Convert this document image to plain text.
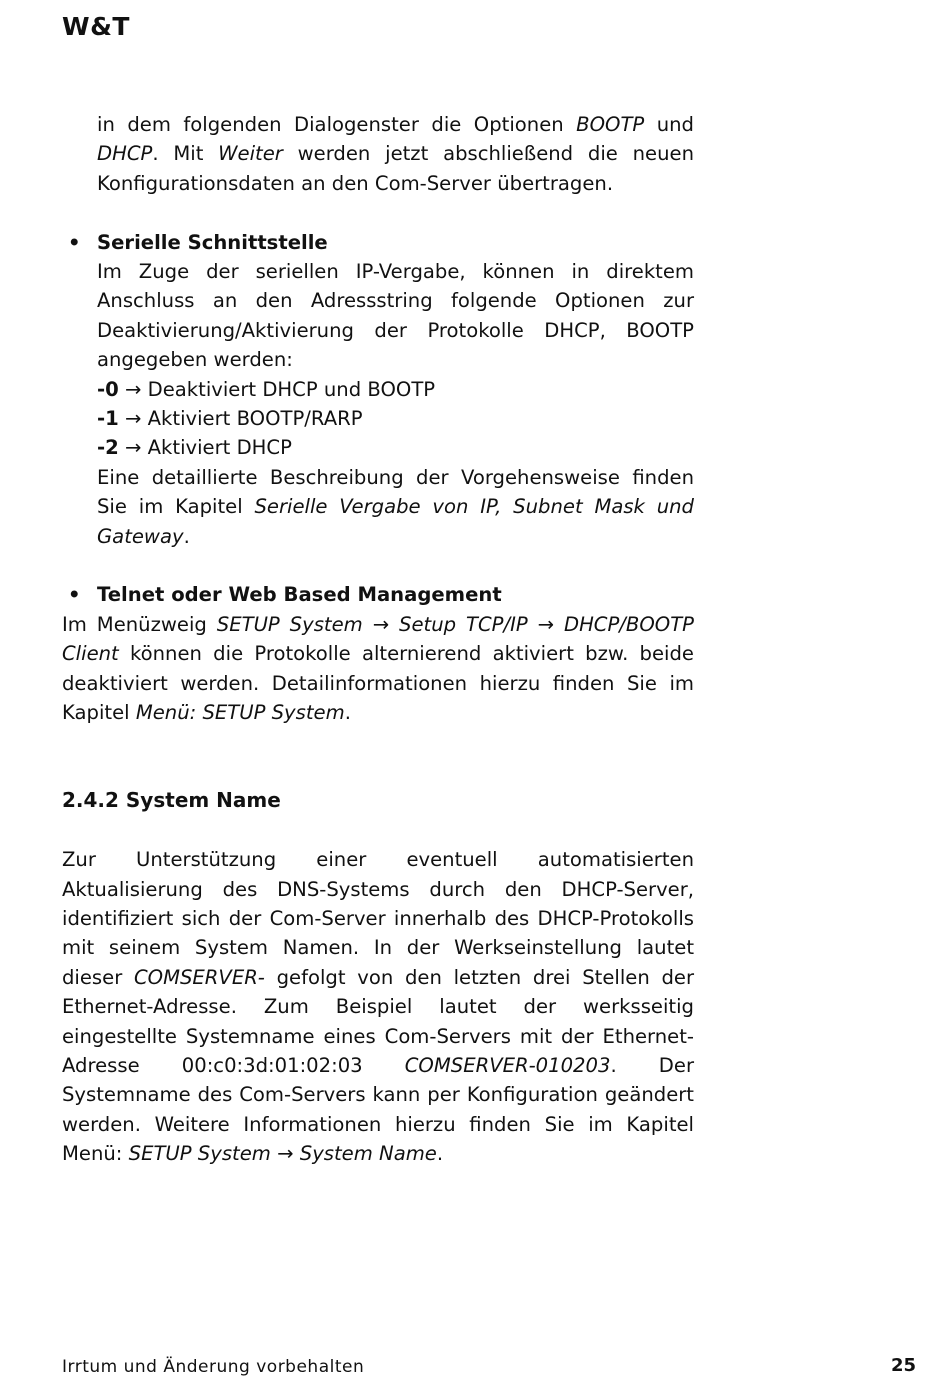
W&T

in dem folgenden Dialogenster die Optionen BOOTP und DHCP. Mit Weiter werden jetzt abschließend die neuen Konfigurationsdaten an den Com-Server übertragen.

• Serielle Schnittstelle

Im Zuge der seriellen IP-Vergabe, können in direktem Anschluss an den Adressstring folgende Optionen zur Deaktivierung/Aktivierung der Protokolle DHCP, BOOTP angegeben werden:

-0 → Deaktiviert DHCP und BOOTP

-1 → Aktiviert BOOTP/RARP

-2 → Aktiviert DHCP

Eine detaillierte Beschreibung der Vorgehensweise finden Sie im Kapitel Serielle Vergabe von IP, Subnet Mask und Gateway.

• Telnet oder Web Based Management

Im Menüzweig SETUP System → Setup TCP/IP → DHCP/BOOTP Client können die Protokolle alternierend aktiviert bzw. beide deaktiviert werden. Detailinformationen hierzu finden Sie im Kapitel Menü: SETUP System.

2.4.2 System Name

Zur Unterstützung einer eventuell automatisierten Aktualisierung des DNS-Systems durch den DHCP-Server, identifiziert sich der Com-Server innerhalb des DHCP-Protokolls mit seinem System Namen. In der Werkseinstellung lautet dieser COMSERVER- gefolgt von den letzten drei Stellen der Ethernet-Adresse. Zum Beispiel lautet der werksseitig eingestellte Systemname eines Com-Servers mit der Ethernet-Adresse 00:c0:3d:01:02:03 COMSERVER-010203. Der Systemname des Com-Servers kann per Konfiguration geändert werden. Weitere Informationen hierzu finden Sie im Kapitel Menü: SETUP System → System Name.

Irrtum und Änderung vorbehalten	25
